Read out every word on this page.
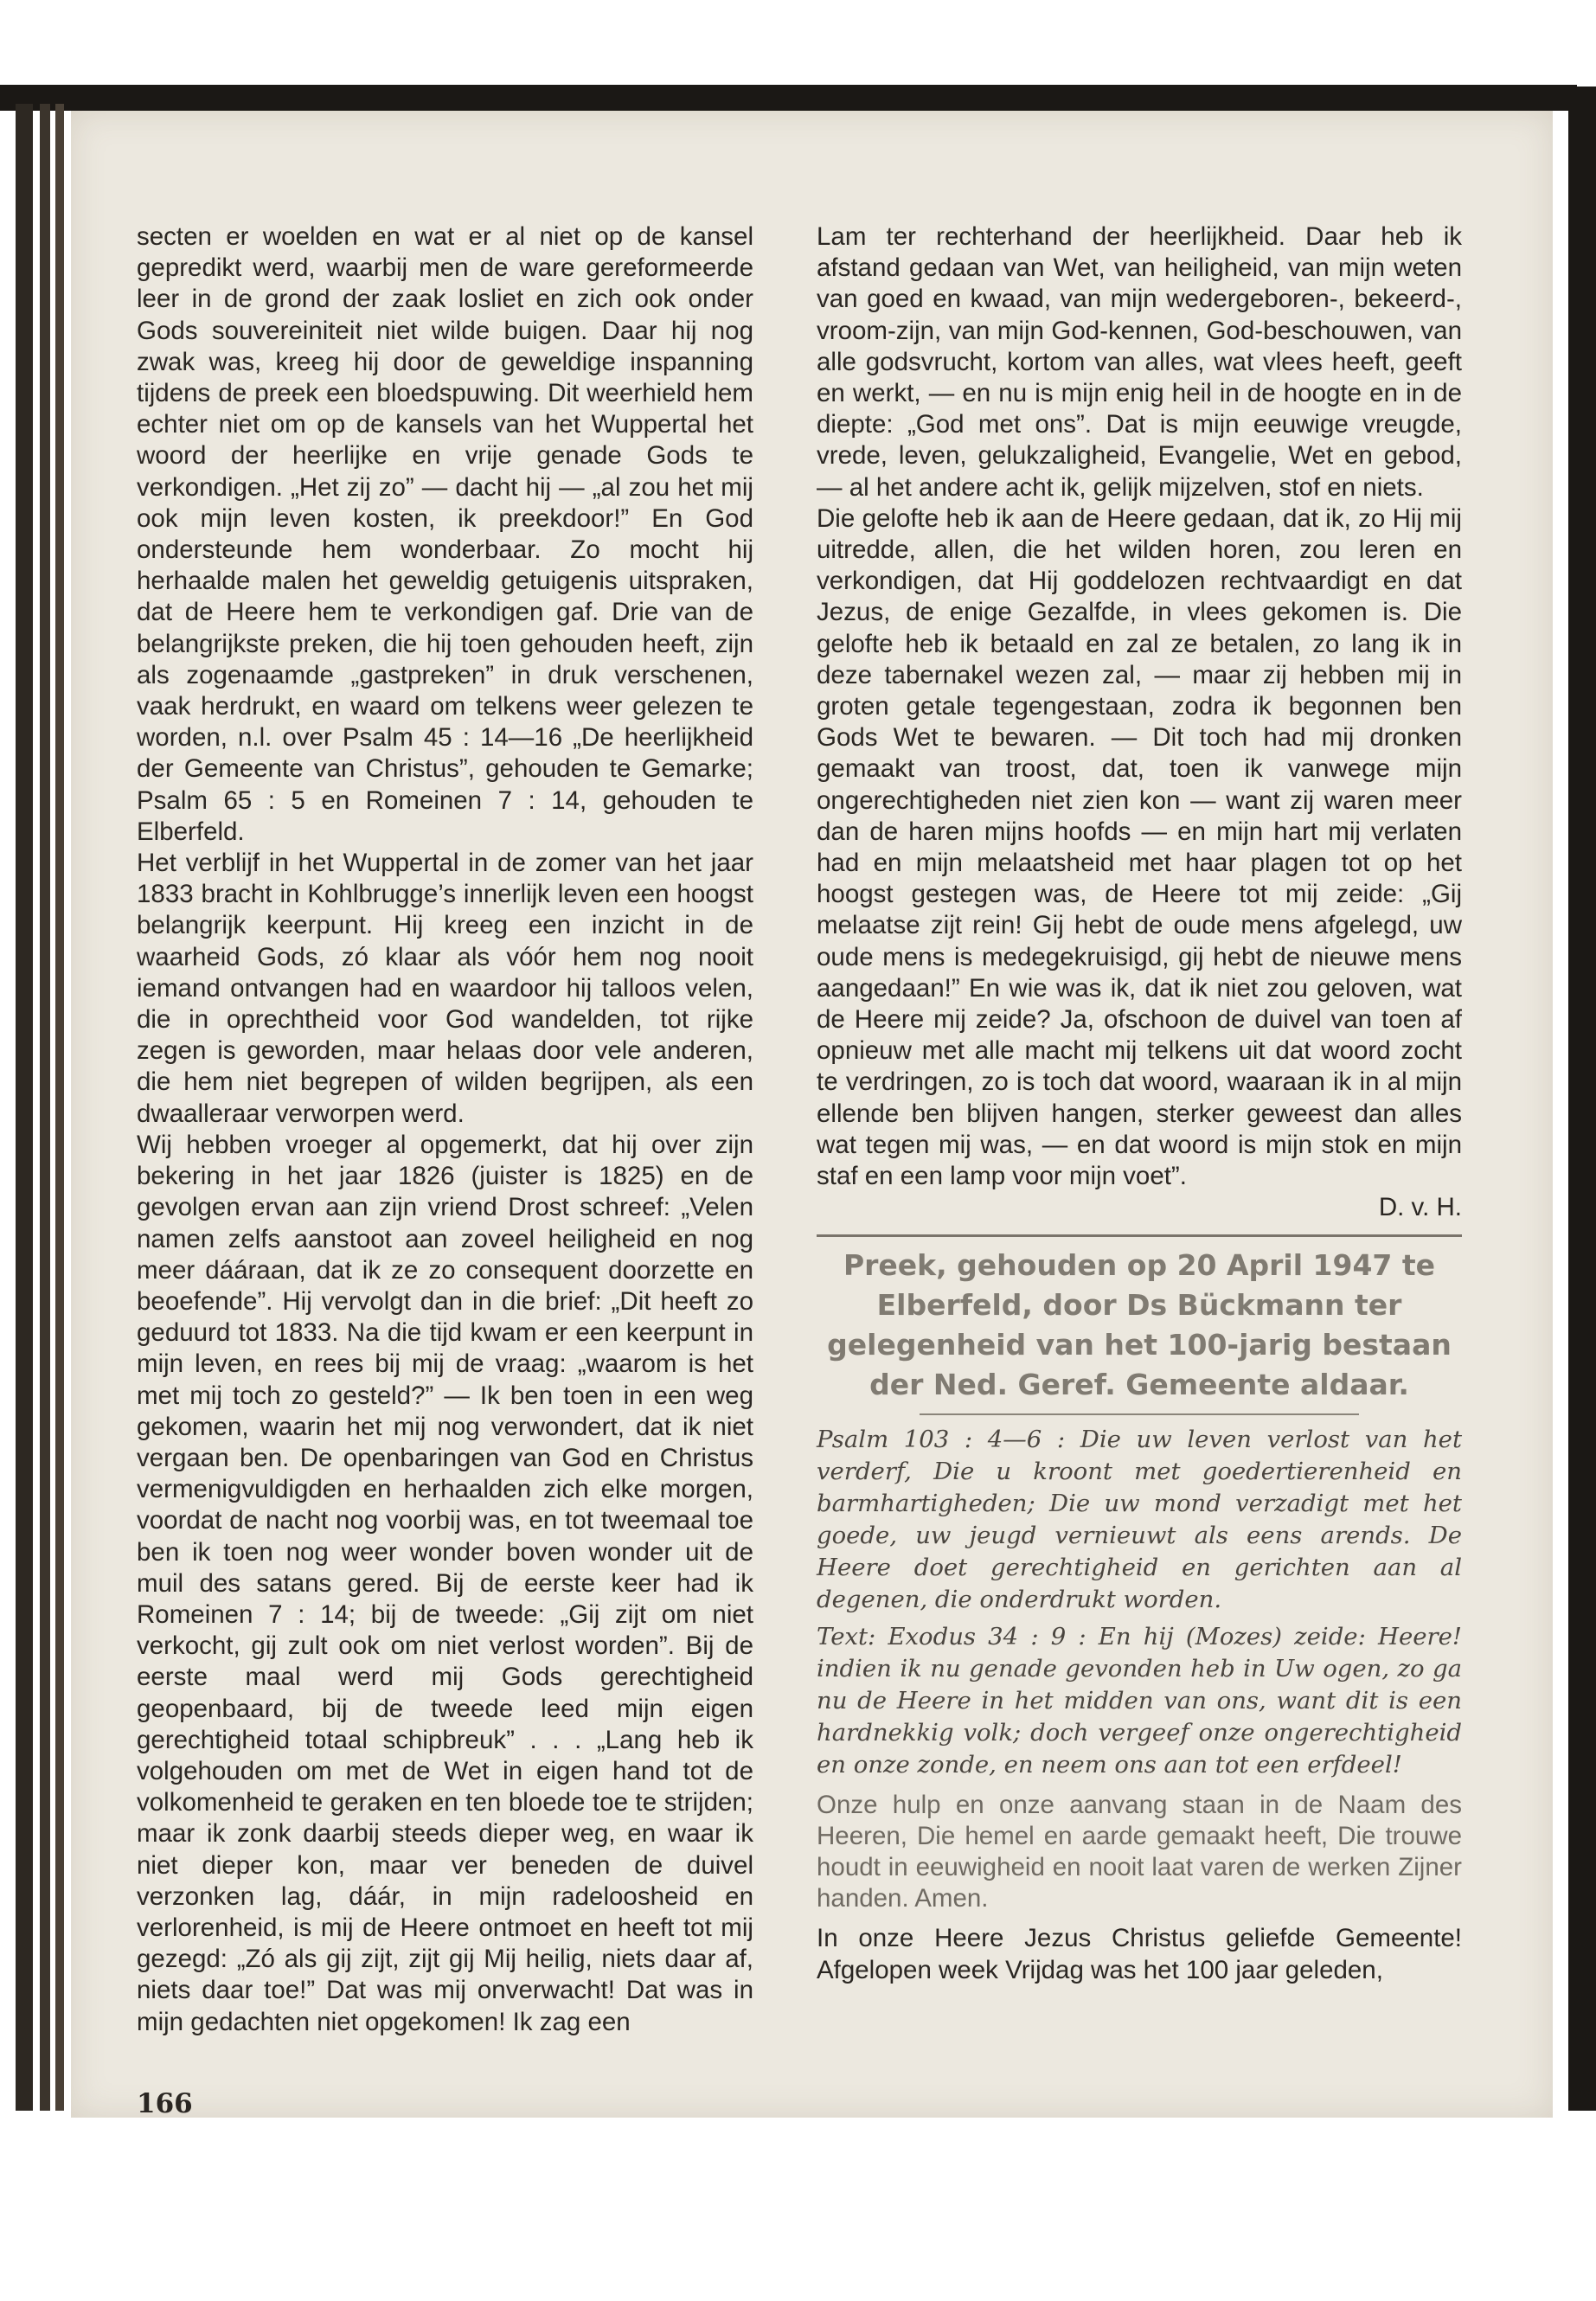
secten er woelden en wat er al niet op de kansel gepredikt werd, waarbij men de ware gereformeerde leer in de grond der zaak losliet en zich ook onder Gods souvereiniteit niet wilde buigen. Daar hij nog zwak was, kreeg hij door de geweldige inspanning tijdens de preek een bloedspuwing. Dit weerhield hem echter niet om op de kansels van het Wuppertal het woord der heerlijke en vrije genade Gods te verkondigen. „Het zij zo” — dacht hij — „al zou het mij ook mijn leven kosten, ik preekdoor!” En God ondersteunde hem wonderbaar. Zo mocht hij herhaalde malen het geweldig getuigenis uitspraken, dat de Heere hem te verkondigen gaf. Drie van de belangrijkste preken, die hij toen gehouden heeft, zijn als zogenaamde „gastpreken” in druk verschenen, vaak herdrukt, en waard om telkens weer gelezen te worden, n.l. over Psalm 45 : 14—16 „De heerlijkheid der Gemeente van Christus”, gehouden te Gemarke; Psalm 65 : 5 en Romeinen 7 : 14, gehouden te Elberfeld.

Het verblijf in het Wuppertal in de zomer van het jaar 1833 bracht in Kohlbrugge’s innerlijk leven een hoogst belangrijk keerpunt. Hij kreeg een inzicht in de waarheid Gods, zó klaar als vóór hem nog nooit iemand ontvangen had en waardoor hij talloos velen, die in oprechtheid voor God wandelden, tot rijke zegen is geworden, maar helaas door vele anderen, die hem niet begrepen of wilden begrijpen, als een dwaalleraar verworpen werd.

Wij hebben vroeger al opgemerkt, dat hij over zijn bekering in het jaar 1826 (juister is 1825) en de gevolgen ervan aan zijn vriend Drost schreef: „Velen namen zelfs aanstoot aan zoveel heiligheid en nog meer dááraan, dat ik ze zo consequent doorzette en beoefende”. Hij vervolgt dan in die brief: „Dit heeft zo geduurd tot 1833. Na die tijd kwam er een keerpunt in mijn leven, en rees bij mij de vraag: „waarom is het met mij toch zo gesteld?” — Ik ben toen in een weg gekomen, waarin het mij nog verwondert, dat ik niet vergaan ben. De openbaringen van God en Christus vermenigvuldigden en herhaalden zich elke morgen, voordat de nacht nog voorbij was, en tot tweemaal toe ben ik toen nog weer wonder boven wonder uit de muil des satans gered. Bij de eerste keer had ik Romeinen 7 : 14; bij de tweede: „Gij zijt om niet verkocht, gij zult ook om niet verlost worden”. Bij de eerste maal werd mij Gods gerechtigheid geopenbaard, bij de tweede leed mijn eigen gerechtigheid totaal schipbreuk” . . . „Lang heb ik volgehouden om met de Wet in eigen hand tot de volkomenheid te geraken en ten bloede toe te strijden; maar ik zonk daarbij steeds dieper weg, en waar ik niet dieper kon, maar ver beneden de duivel verzonken lag, dáár, in mijn radeloosheid en verlorenheid, is mij de Heere ontmoet en heeft tot mij gezegd: „Zó als gij zijt, zijt gij Mij heilig, niets daar af, niets daar toe!” Dat was mij onverwacht! Dat was in mijn gedachten niet opgekomen! Ik zag een

Lam ter rechterhand der heerlijkheid. Daar heb ik afstand gedaan van Wet, van heiligheid, van mijn weten van goed en kwaad, van mijn wedergeboren-, bekeerd-, vroom-zijn, van mijn God-kennen, God-beschouwen, van alle godsvrucht, kortom van alles, wat vlees heeft, geeft en werkt, — en nu is mijn enig heil in de hoogte en in de diepte: „God met ons”. Dat is mijn eeuwige vreugde, vrede, leven, gelukzaligheid, Evangelie, Wet en gebod, — al het andere acht ik, gelijk mijzelven, stof en niets.

Die gelofte heb ik aan de Heere gedaan, dat ik, zo Hij mij uitredde, allen, die het wilden horen, zou leren en verkondigen, dat Hij goddelozen rechtvaardigt en dat Jezus, de enige Gezalfde, in vlees gekomen is. Die gelofte heb ik betaald en zal ze betalen, zo lang ik in deze tabernakel wezen zal, — maar zij hebben mij in groten getale tegengestaan, zodra ik begonnen ben Gods Wet te bewaren. — Dit toch had mij dronken gemaakt van troost, dat, toen ik vanwege mijn ongerechtigheden niet zien kon — want zij waren meer dan de haren mijns hoofds — en mijn hart mij verlaten had en mijn melaatsheid met haar plagen tot op het hoogst gestegen was, de Heere tot mij zeide: „Gij melaatse zijt rein! Gij hebt de oude mens afgelegd, uw oude mens is medegekruisigd, gij hebt de nieuwe mens aangedaan!” En wie was ik, dat ik niet zou geloven, wat de Heere mij zeide? Ja, ofschoon de duivel van toen af opnieuw met alle macht mij telkens uit dat woord zocht te verdringen, zo is toch dat woord, waaraan ik in al mijn ellende ben blijven hangen, sterker geweest dan alles wat tegen mij was, — en dat woord is mijn stok en mijn staf en een lamp voor mijn voet”.

D. v. H.
Preek, gehouden op 20 April 1947 te Elberfeld, door Ds Bückmann ter gelegenheid van het 100-jarig bestaan der Ned. Geref. Gemeente aldaar.

Psalm 103 : 4—6 : Die uw leven verlost van het verderf, Die u kroont met goedertierenheid en barmhartigheden; Die uw mond verzadigt met het goede, uw jeugd vernieuwt als eens arends. De Heere doet gerechtigheid en gerichten aan al degenen, die onderdrukt worden.

Text: Exodus 34 : 9 : En hij (Mozes) zeide: Heere! indien ik nu genade gevonden heb in Uw ogen, zo ga nu de Heere in het midden van ons, want dit is een hardnekkig volk; doch vergeef onze ongerechtigheid en onze zonde, en neem ons aan tot een erfdeel!

Onze hulp en onze aanvang staan in de Naam des Heeren, Die hemel en aarde gemaakt heeft, Die trouwe houdt in eeuwigheid en nooit laat varen de werken Zijner handen. Amen.

In onze Heere Jezus Christus geliefde Gemeente! Afgelopen week Vrijdag was het 100 jaar geleden,

166
